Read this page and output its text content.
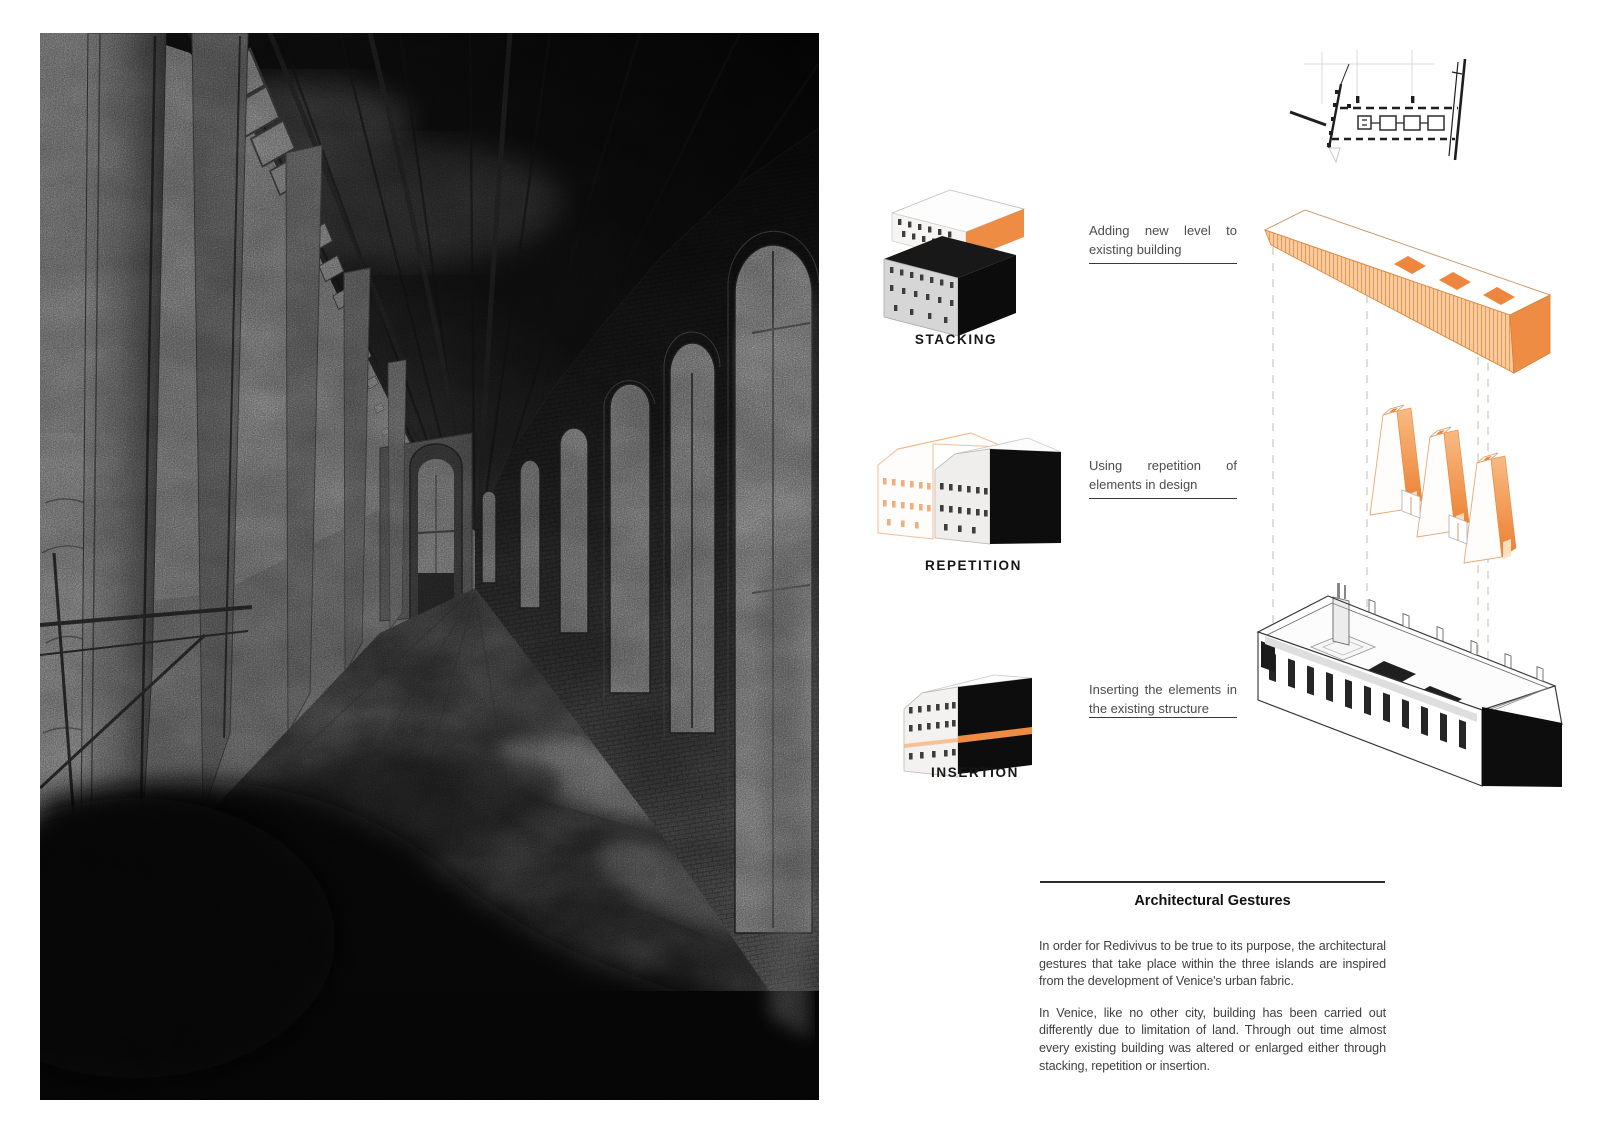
STACKING
Adding new level to existing building
REPETITION
Using repetition of elements in design
INSERTION
Inserting the elements in the existing structure
Architectural Gestures

In order for Redivivus to be true to its purpose, the architectural gestures that take place within the three islands are inspired from the development of Venice's urban fabric.

In Venice, like no other city, building has been carried out differently due to limitation of land. Through out time almost every existing building was altered or enlarged either through stacking, repetition or insertion.
